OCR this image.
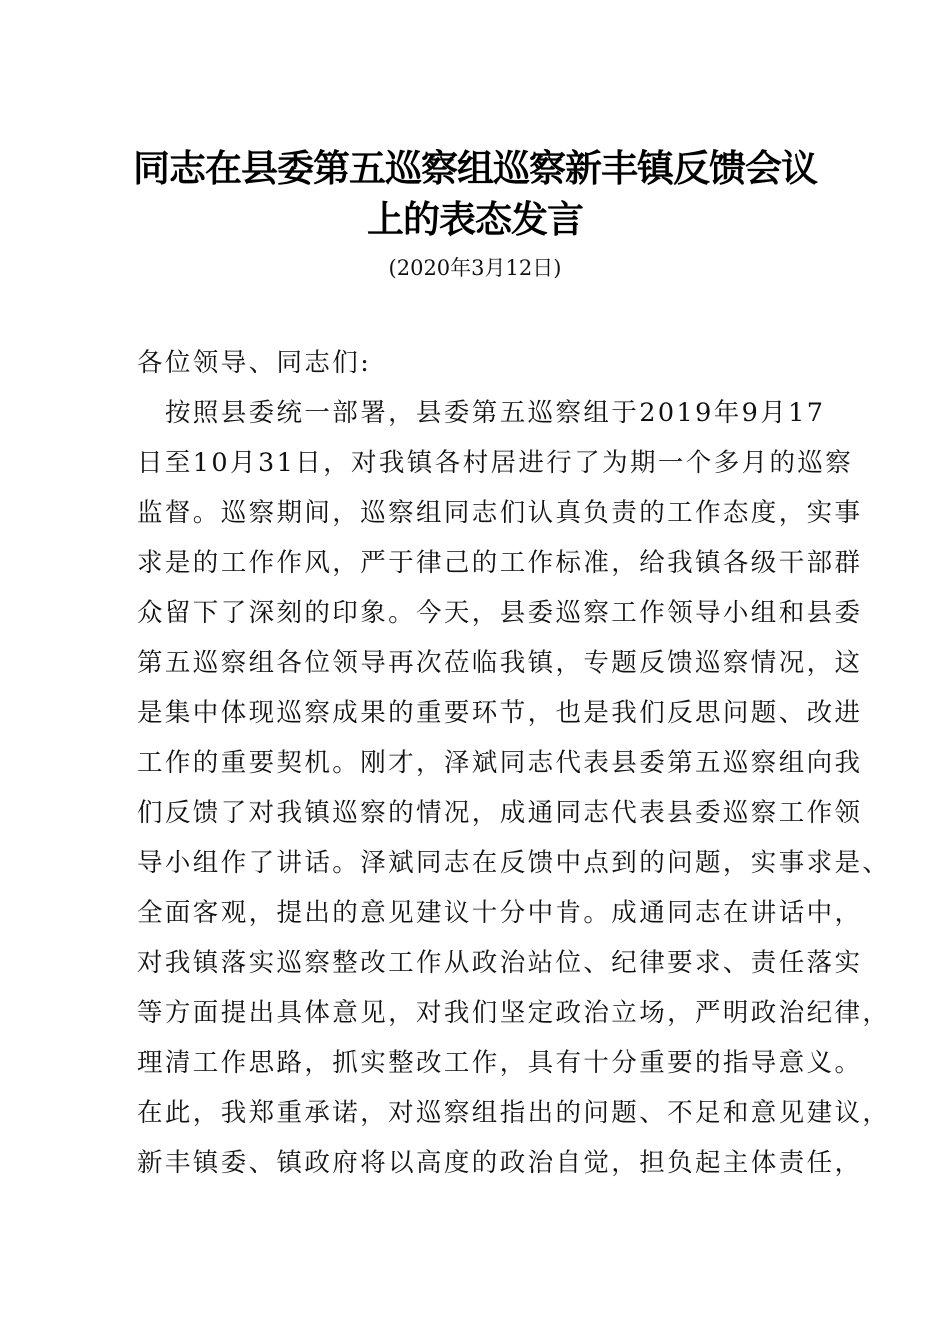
同志在县委第五巡察组巡察新丰镇反馈会议
上的表态发言
(2020年3月12日)
各位领导、同志们:
　按照县委统一部署，县委第五巡察组于2019年9月17
日至10月31日，对我镇各村居进行了为期一个多月的巡察
监督。巡察期间，巡察组同志们认真负责的工作态度，实事
求是的工作作风，严于律己的工作标准，给我镇各级干部群
众留下了深刻的印象。今天，县委巡察工作领导小组和县委
第五巡察组各位领导再次莅临我镇，专题反馈巡察情况，这
是集中体现巡察成果的重要环节，也是我们反思问题、改进
工作的重要契机。刚才，泽斌同志代表县委第五巡察组向我
们反馈了对我镇巡察的情况，成通同志代表县委巡察工作领
导小组作了讲话。泽斌同志在反馈中点到的问题，实事求是、
全面客观，提出的意见建议十分中肯。成通同志在讲话中，
对我镇落实巡察整改工作从政治站位、纪律要求、责任落实
等方面提出具体意见，对我们坚定政治立场，严明政治纪律，
理清工作思路，抓实整改工作，具有十分重要的指导意义。
在此，我郑重承诺，对巡察组指出的问题、不足和意见建议，
新丰镇委、镇政府将以高度的政治自觉，担负起主体责任，
